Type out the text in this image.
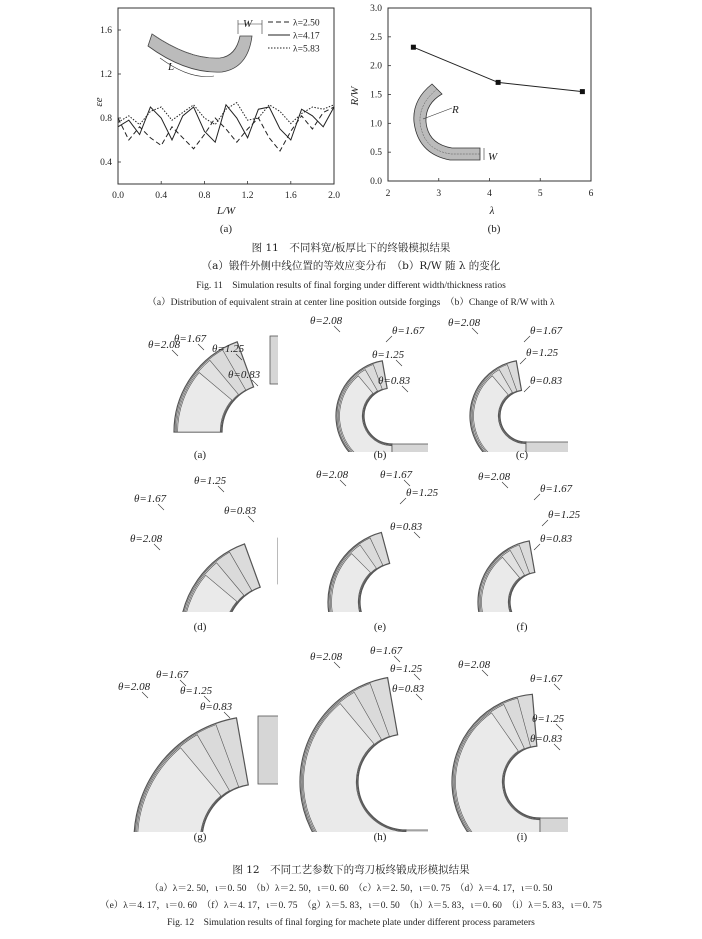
0.0	0.4	0.8	1.2	1.6	2.0
0.4
0.8
1.2
1.6
W
L
λ=2.50
λ=4.17
λ=5.83
L/W
εe
(a)
2	3	4	5	6
0.0
0.5
1.0
1.5
2.0
2.5
3.0
R
W
λ
R/W
(b)
图 11　不同料宽/板厚比下的终锻模拟结果
（a）锻件外侧中线位置的等效应变分布　（b）R/W 随 λ 的变化
Fig. 11　Simulation results of final forging under different width/thickness ratios
（a）Distribution of equivalent strain at center line position outside forgings　（b）Change of R/W with λ
θ=2.08
θ=1.67
θ=1.25
θ=0.83
(a)
θ=2.08
θ=1.67
θ=1.25
θ=0.83
(b)
θ=2.08
θ=1.67
θ=1.25
θ=0.83
(c)
θ=1.25
θ=1.67
θ=0.83
θ=2.08
(d)
θ=2.08	θ=1.67
θ=1.25
θ=0.83
(e)
θ=2.08
θ=1.67
θ=1.25
θ=0.83
(f)
θ=1.67
θ=2.08	θ=1.25
θ=0.83
(g)
θ=2.08	θ=1.67
θ=1.25
θ=0.83
(h)
θ=2.08
θ=1.67
θ=1.25
θ=0.83
(i)
图 12　不同工艺参数下的弯刀板终锻成形模拟结果
（a）λ＝2. 50，ι＝0. 50　（b）λ＝2. 50，ι＝0. 60　（c）λ＝2. 50，ι＝0. 75　（d）λ＝4. 17，ι＝0. 50
（e）λ＝4. 17，ι＝0. 60　（f）λ＝4. 17，ι＝0. 75　（g）λ＝5. 83，ι＝0. 50　（h）λ＝5. 83，ι＝0. 60　（i）λ＝5. 83，ι＝0. 75
Fig. 12　Simulation results of final forging for machete plate under different process parameters
